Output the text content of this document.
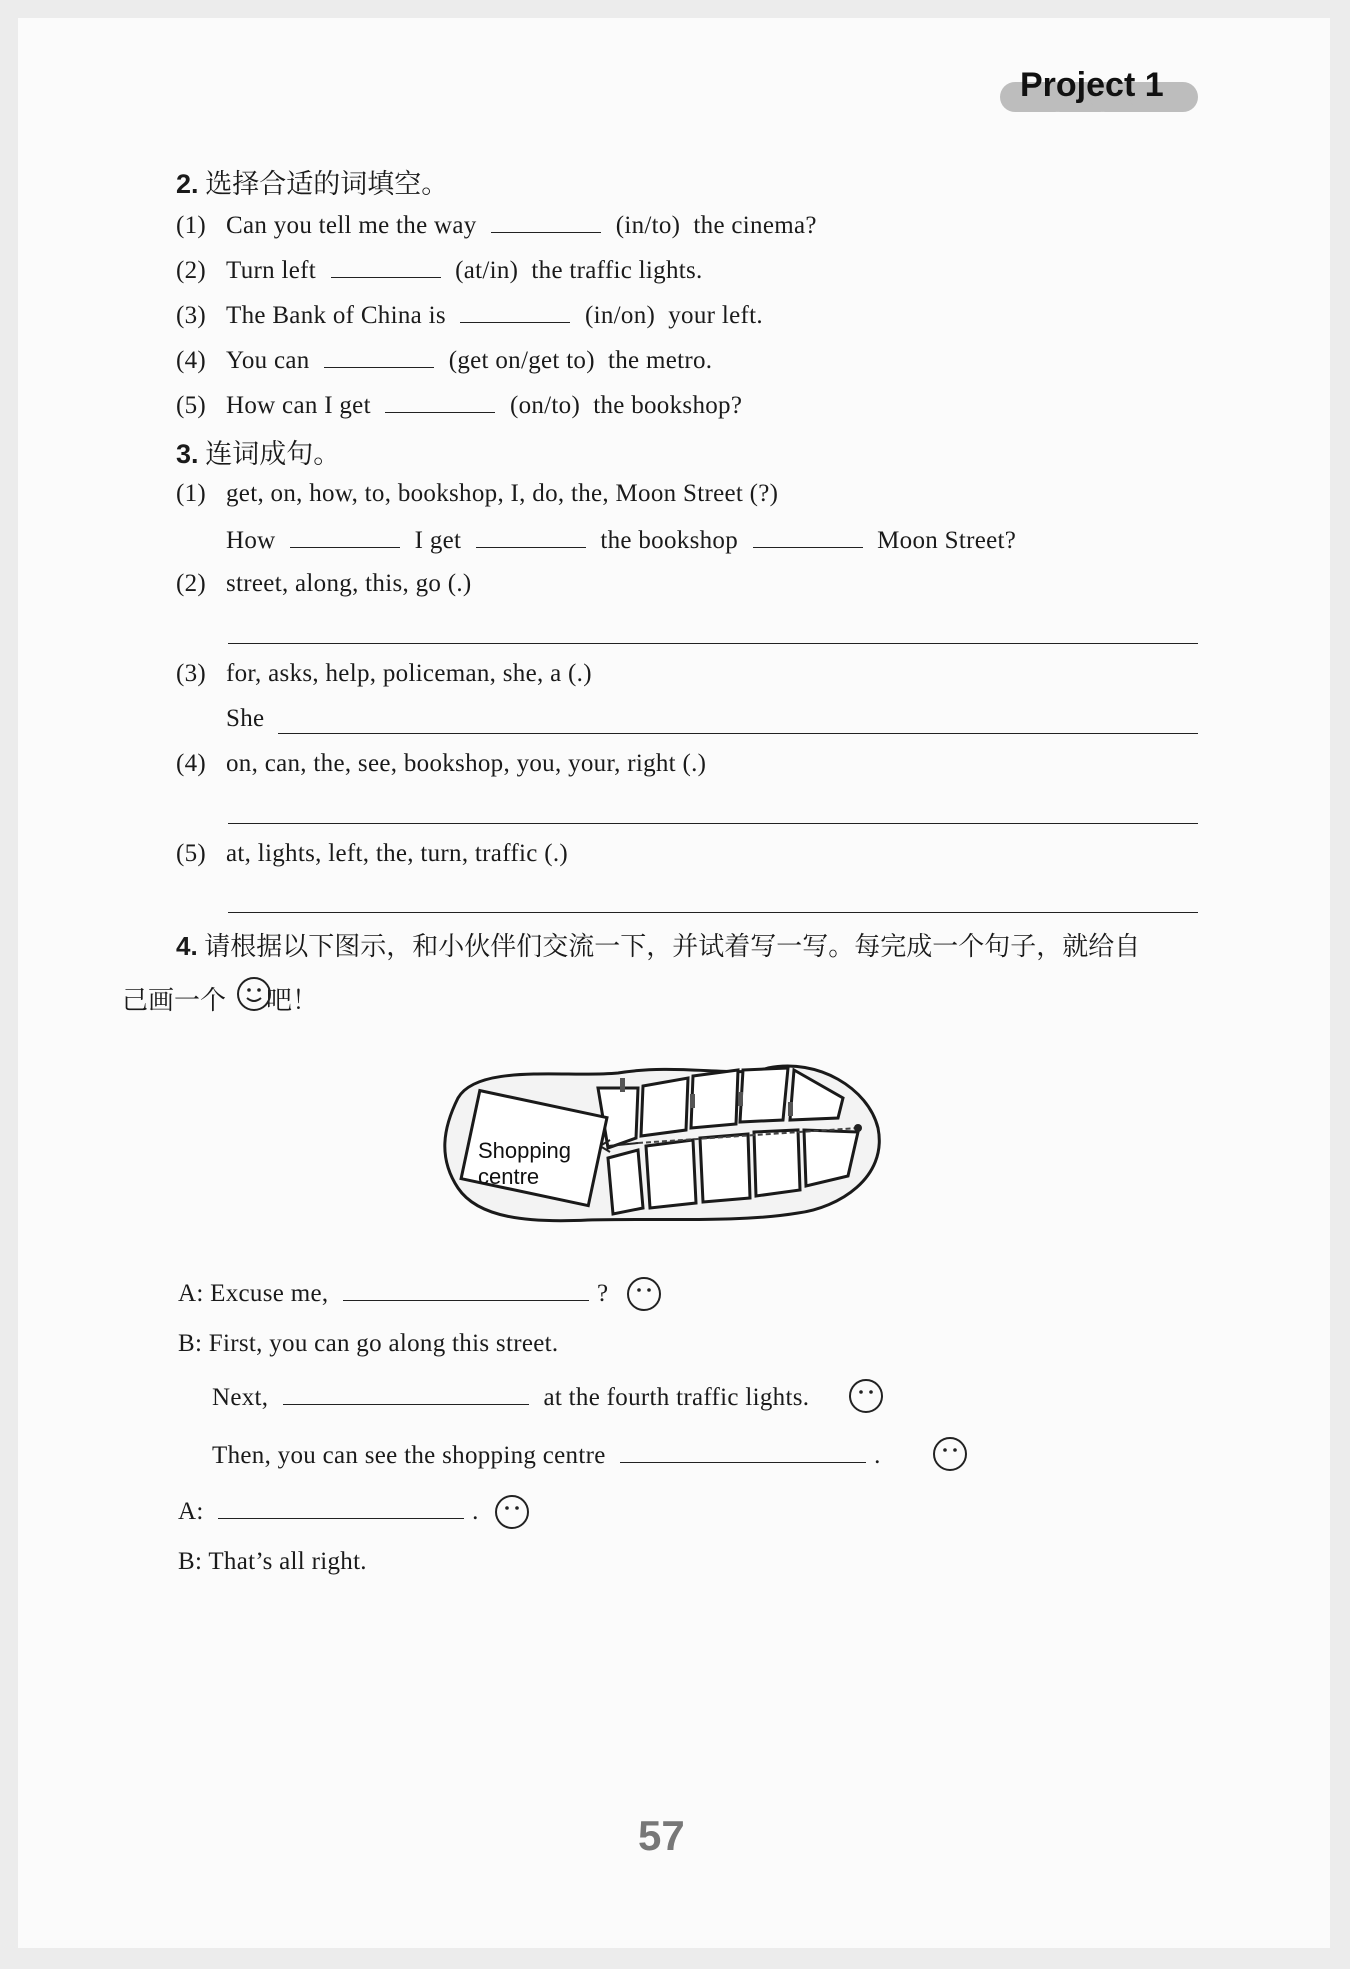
Project 1
2. 选择合适的词填空。
(1) Can you tell me the way	(in/to) the cinema?
(2) Turn left	(at/in) the traffic lights.
(3) The Bank of China is	(in/on) your left.
(4) You can	(get on/get to) the metro.
(5) How can I get	(on/to) the bookshop?
3. 连词成句。
(1) get, on, how, to, bookshop, I, do, the, Moon Street (?)
How	I get	the bookshop	Moon Street?
(2) street, along, this, go (.)
(3) for, asks, help, policeman, she, a (.)
She
(4) on, can, the, see, bookshop, you, your, right (.)
(5) at, lights, left, the, turn, traffic (.)
4. 请根据以下图示，和小伙伴们交流一下，并试着写一写。每完成一个句子，就给自
己画一个 吧！
Shopping
centre
A: Excuse me,	?
B: First, you can go along this street.
Next,	at the fourth traffic lights.
Then, you can see the shopping centre	.
A:	.
B: That’s all right.
57
